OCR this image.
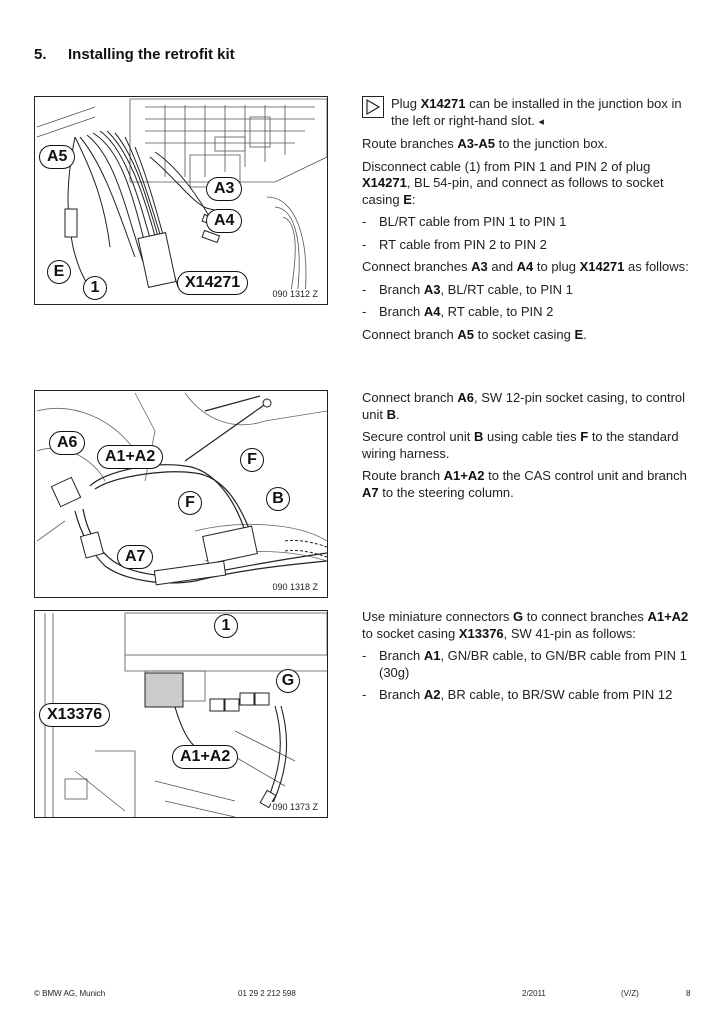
5. Installing the retrofit kit
A5
A3
A4
E
1	X14271
090 1312 Z
A6
A1+A2	F
F	B
A7
090 1318 Z
1
G
X13376
A1+A2
090 1373 Z
Plug X14271 can be installed in the junction box in the left or right-hand slot. ◂

Route branches A3-A5 to the junction box.

Disconnect cable (1) from PIN 1 and PIN 2 of plug X14271, BL 54-pin, and connect as follows to socket casing E:

- BL/RT cable from PIN 1 to PIN 1
- RT cable from PIN 2 to PIN 2

Connect branches A3 and A4 to plug X14271 as follows:

- Branch A3, BL/RT cable, to PIN 1
- Branch A4, RT cable, to PIN 2

Connect branch A5 to socket casing E.

Connect branch A6, SW 12-pin socket casing, to control unit B.

Secure control unit B using cable ties F to the standard wiring harness.

Route branch A1+A2 to the CAS control unit and branch A7 to the steering column.

Use miniature connectors G to connect branches A1+A2 to socket casing X13376, SW 41-pin as follows:

- Branch A1, GN/BR cable, to GN/BR cable from PIN 1 (30g)
- Branch A2, BR cable, to BR/SW cable from PIN 12
© BMW AG, Munich	01 29 2 212 598	2/2011	(V/Z)	8
